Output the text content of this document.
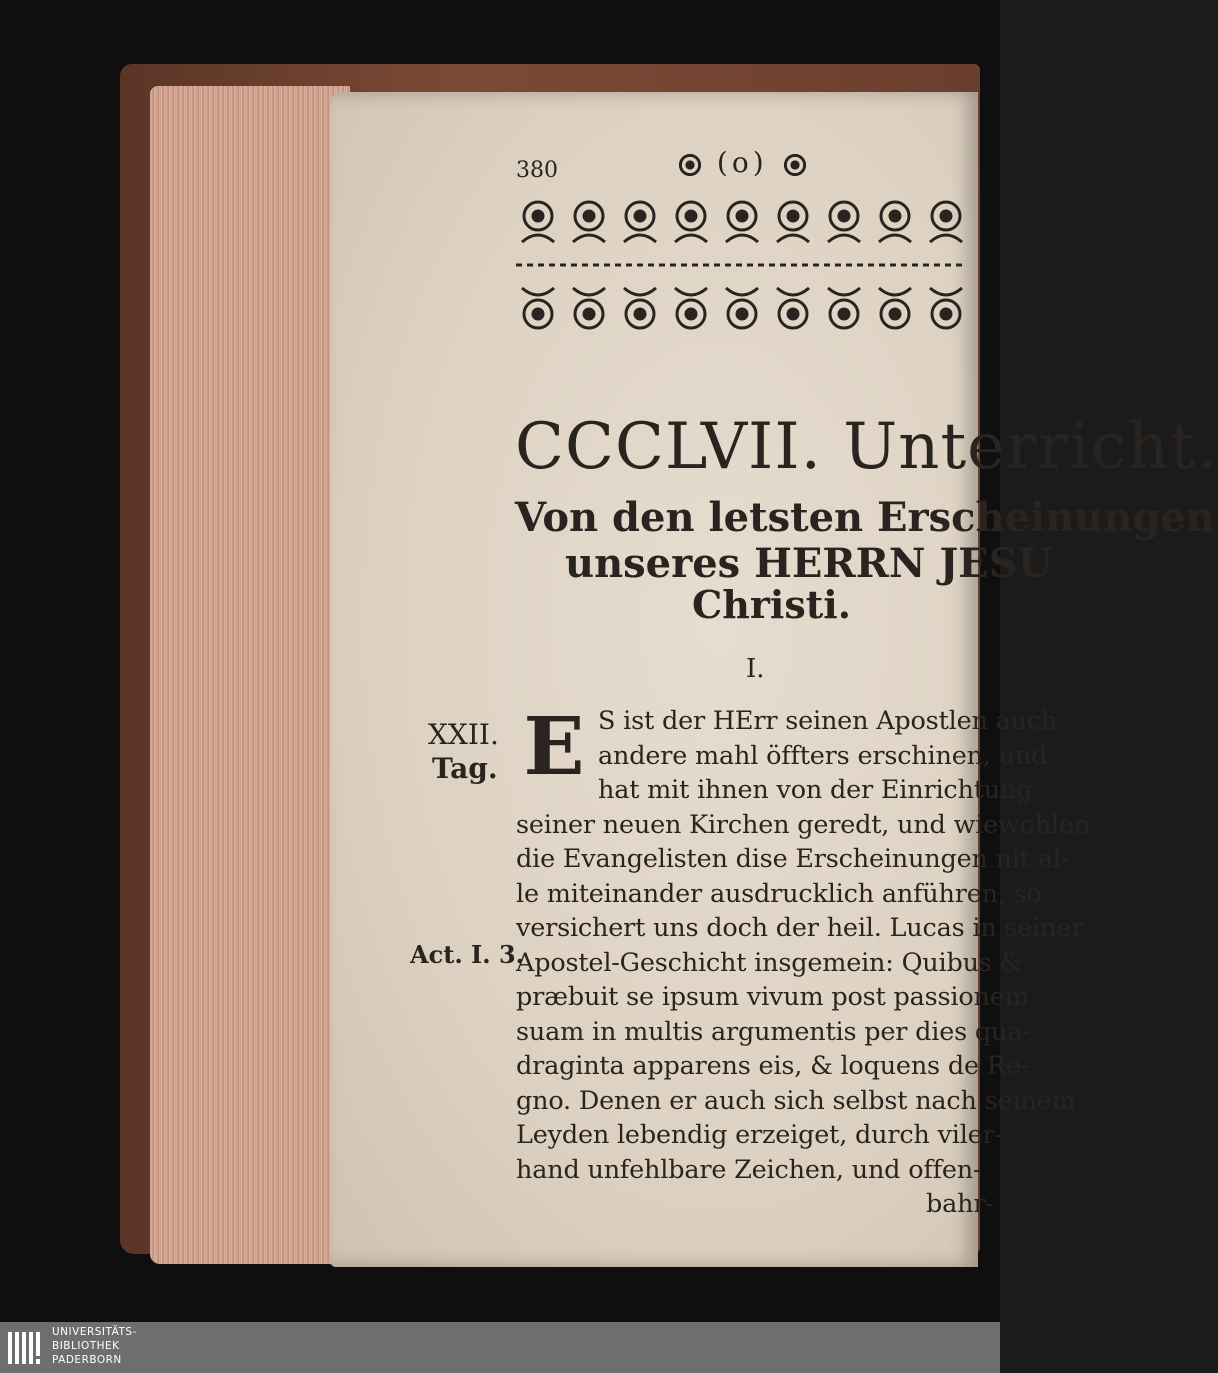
380	(o)
CCCLVII. Unterricht.
Von den letsten Erscheinungen
unseres HERRN JESU
Christi.
I.
XXII.
Tag.
Act. I. 3.
E S ist der HErr seinen Apostlen auch
andere mahl öffters erschinen, und
hat mit ihnen von der Einrichtung
seiner neuen Kirchen geredt, und wiewohlen
die Evangelisten dise Erscheinungen nit al-
le miteinander ausdrucklich anführen, so
versichert uns doch der heil. Lucas in seiner
Apostel-Geschicht insgemein: Quibus &
præbuit se ipsum vivum post passionem
suam in multis argumentis per dies qua-
draginta apparens eis, & loquens de Re-
gno. Denen er auch sich selbst nach seinem
Leyden lebendig erzeiget, durch viler-
hand unfehlbare Zeichen, und offen-
bahr-
UNIVERSITÄTS-
BIBLIOTHEK
PADERBORN
